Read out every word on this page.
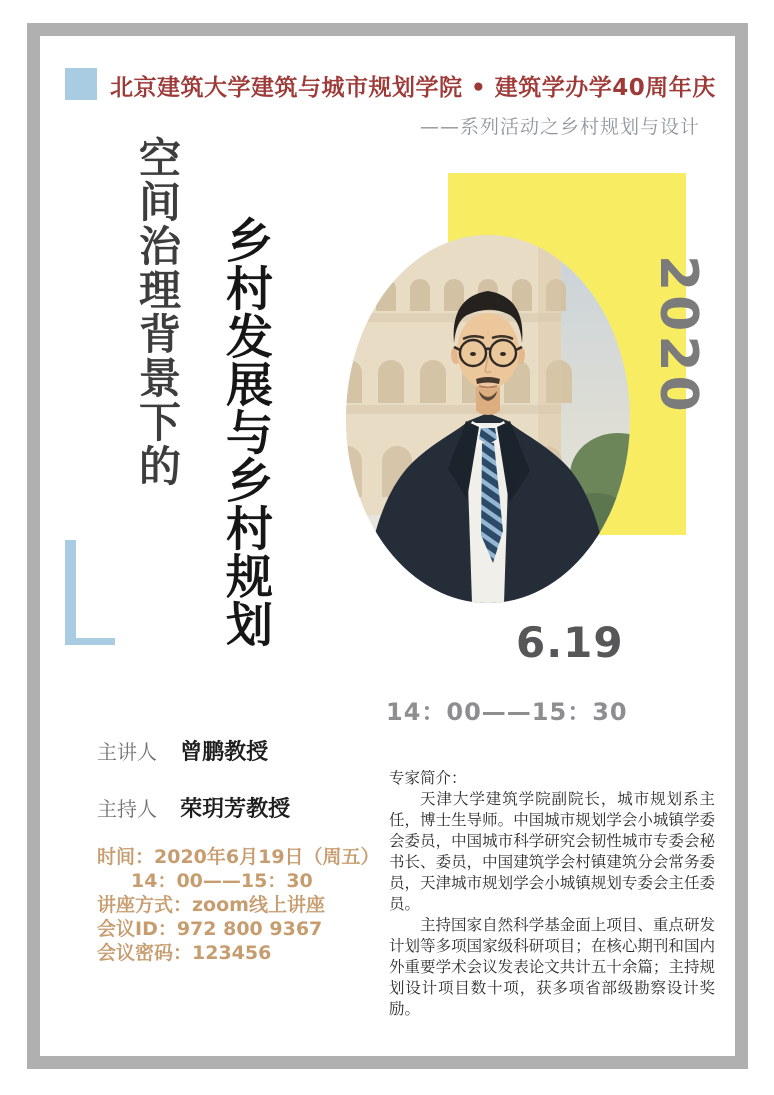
北京建筑大学建筑与城市规划学院 • 建筑学办学40周年庆
——系列活动之乡村规划与设计
空间治理背景下的 乡村发展与乡村规划	2020
6.19
14：00——15：30
主讲人 曾鹏教授
主持人 荣玥芳教授
时间：2020年6月19日（周五）
14：00——15：30
讲座方式：zoom线上讲座
会议ID：972 800 9367
会议密码：123456
专家简介：

天津大学建筑学院副院长，城市规划系主任，博士生导师。中国城市规划学会小城镇学委会委员，中国城市科学研究会韧性城市专委会秘书长、委员，中国建筑学会村镇建筑分会常务委员，天津城市规划学会小城镇规划专委会主任委员。

主持国家自然科学基金面上项目、重点研发计划等多项国家级科研项目；在核心期刊和国内外重要学术会议发表论文共计五十余篇；主持规划设计项目数十项，获多项省部级勘察设计奖励。
